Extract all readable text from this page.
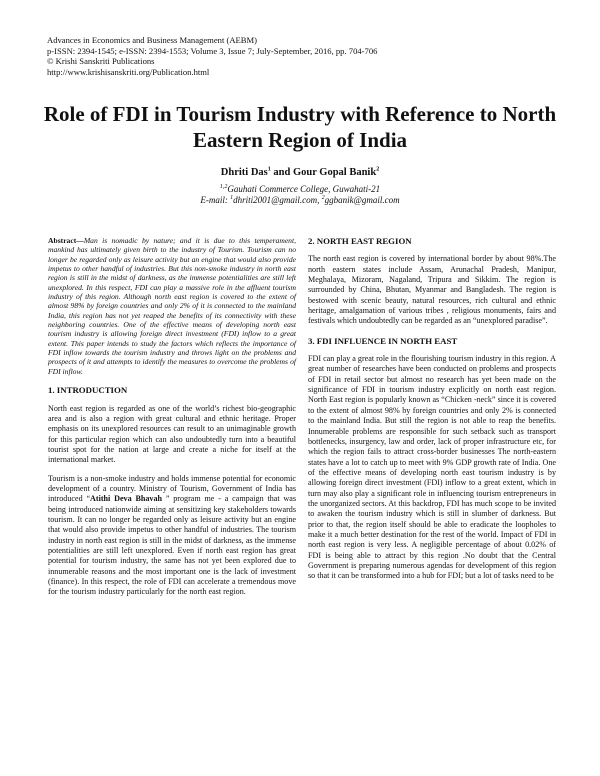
Advances in Economics and Business Management (AEBM)
p-ISSN: 2394-1545; e-ISSN: 2394-1553; Volume 3, Issue 7; July-September, 2016, pp. 704-706
© Krishi Sanskriti Publications
http://www.krishisanskriti.org/Publication.html
Role of FDI in Tourism Industry with Reference to North Eastern Region of India
Dhriti Das$^1$ and Gour Gopal Banik$^2$
$^{1,2}$Gauhati Commerce College, Guwahati-21
E-mail: $^1$dhriti2001@gmail.com, $^2$ggbanik@gmail.com

Abstract—Man is nomadic by nature; and it is due to this temperament, mankind has ultimately given birth to the industry of Tourism. Tourism can no longer be regarded only as leisure activity but an engine that would also provide impetus to other handful of industries. But this non-smoke industry in north east region is still in the midst of darkness, as the immense potentialities are still left unexplored. In this respect, FDI can play a massive role in the affluent tourism industry of this region. Although north east region is covered to the extent of almost 98% by foreign countries and only 2% of it is connected to the mainland India, this region has not yet reaped the benefits of its connectivity with these neighboring countries. One of the effective means of developing north east tourism industry is allowing foreign direct investment (FDI) inflow to a great extent. This paper intends to study the factors which reflects the importance of FDI inflow towards the tourism industry and throws light on the problems and prospects of it and attempts to identify the measures to overcome the problems of FDI inflow.

1. INTRODUCTION

North east region is regarded as one of the world’s richest bio-geographic area and is also a region with great cultural and ethnic heritage. Proper emphasis on its unexplored resources can result to an unimaginable growth for this particular region which can also undoubtedly turn into a beautiful tourist spot for the nation at large and create a niche for itself at the international market.

Tourism is a non-smoke industry and holds immense potential for economic development of a country. Ministry of Tourism, Government of India has introduced “Atithi Deva Bhavah ” program me - a campaign that was being introduced nationwide aiming at sensitizing key stakeholders towards tourism. It can no longer be regarded only as leisure activity but an engine that would also provide impetus to other handful of industries. The tourism industry in north east region is still in the midst of darkness, as the immense potentialities are still left unexplored. Even if north east region has great potential for tourism industry, the same has not yet been explored due to innumerable reasons and the most important one is the lack of investment (finance). In this respect, the role of FDI can accelerate a tremendous move for the tourism industry particularly for the north east region.

2. NORTH EAST REGION

The north east region is covered by international border by about 98%.The north eastern states include Assam, Arunachal Pradesh, Manipur, Meghalaya, Mizoram, Nagaland, Tripura and Sikkim. The region is surrounded by China, Bhutan, Myanmar and Bangladesh. The region is bestowed with scenic beauty, natural resources, rich cultural and ethnic heritage, amalgamation of various tribes , religious monuments, fairs and festivals which undoubtedly can be regarded as an “unexplored paradise”.

3. FDI INFLUENCE IN NORTH EAST

FDI can play a great role in the flourishing tourism industry in this region. A great number of researches have been conducted on problems and prospects of FDI in retail sector but almost no research has yet been made on the significance of FDI in tourism industry explicitly on north east region. North East region is popularly known as “Chicken -neck” since it is covered to the extent of almost 98% by foreign countries and only 2% is connected to the mainland India. But still the region is not able to reap the benefits. Innumerable problems are responsible for such setback such as transport bottlenecks, insurgency, law and order, lack of proper infrastructure etc, for which the region fails to attract cross-border businesses The north-eastern states have a lot to catch up to meet with 9% GDP growth rate of India. One of the effective means of developing north east tourism industry is by allowing foreign direct investment (FDI) inflow to a great extent, which in turn may also play a significant role in influencing tourism entrepreneurs in the unorganized sectors. At this backdrop, FDI has much scope to be invited to awaken the tourism industry which is still in slumber of darkness. But prior to that, the region itself should be able to eradicate the loopholes to make it a much better destination for the rest of the world. Impact of FDI in north east region is very less. A negligible percentage of about 0.02% of FDI is being able to attract by this region .No doubt that the Central Government is preparing numerous agendas for development of this region so that it can be transformed into a hub for FDI; but a lot of tasks need to be
